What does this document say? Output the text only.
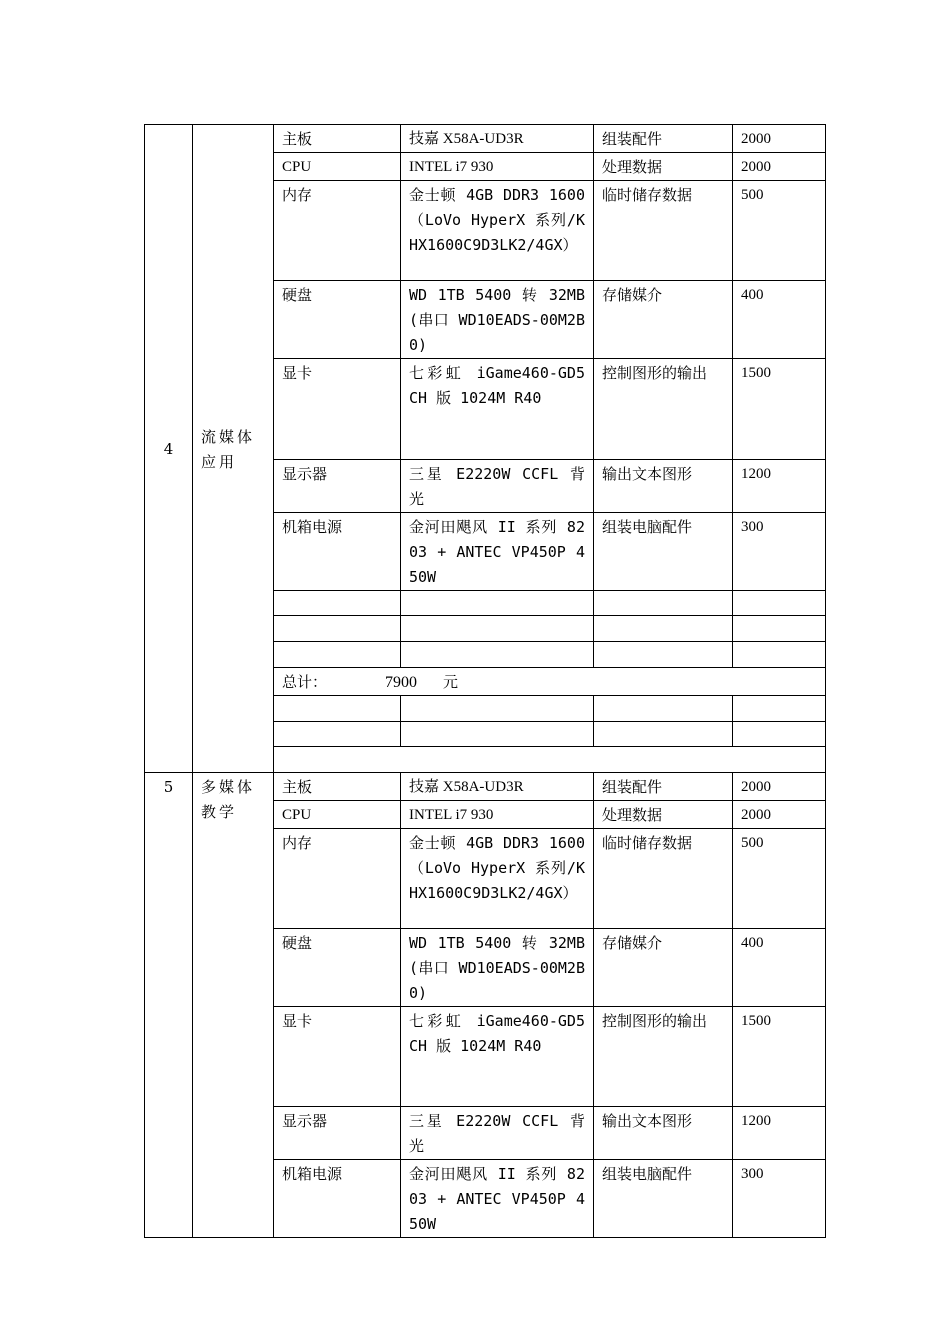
4	流媒体应用	主板	技嘉 X58A-UD3R	组装配件	2000
		CPU	INTEL i7 930	处理数据	2000
		内存	金士顿 4GB DDR3 1600（LoVo HyperX 系列/KHX1600C9D3LK2/4GX）	临时储存数据	500
		硬盘	WD 1TB 5400 转 32MB(串口 WD10EADS-00M2B0)	存储媒介	400
		显卡	七彩虹 iGame460-GD5 CH 版 1024M R40	控制图形的输出	1500
		显示器	三星 E2220W CCFL 背光	输出文本图形	1200
		机箱电源	金河田飓风 II 系列 8203 + ANTEC VP450P 450W	组装电脑配件	300

		总计： 7900 元			

5	多媒体教学	主板	技嘉 X58A-UD3R	组装配件	2000
		CPU	INTEL i7 930	处理数据	2000
		内存	金士顿 4GB DDR3 1600（LoVo HyperX 系列/KHX1600C9D3LK2/4GX）	临时储存数据	500
		硬盘	WD 1TB 5400 转 32MB(串口 WD10EADS-00M2B0)	存储媒介	400
		显卡	七彩虹 iGame460-GD5 CH 版 1024M R40	控制图形的输出	1500
		显示器	三星 E2220W CCFL 背光	输出文本图形	1200
		机箱电源	金河田飓风 II 系列 8203 + ANTEC VP450P 450W	组装电脑配件	300
